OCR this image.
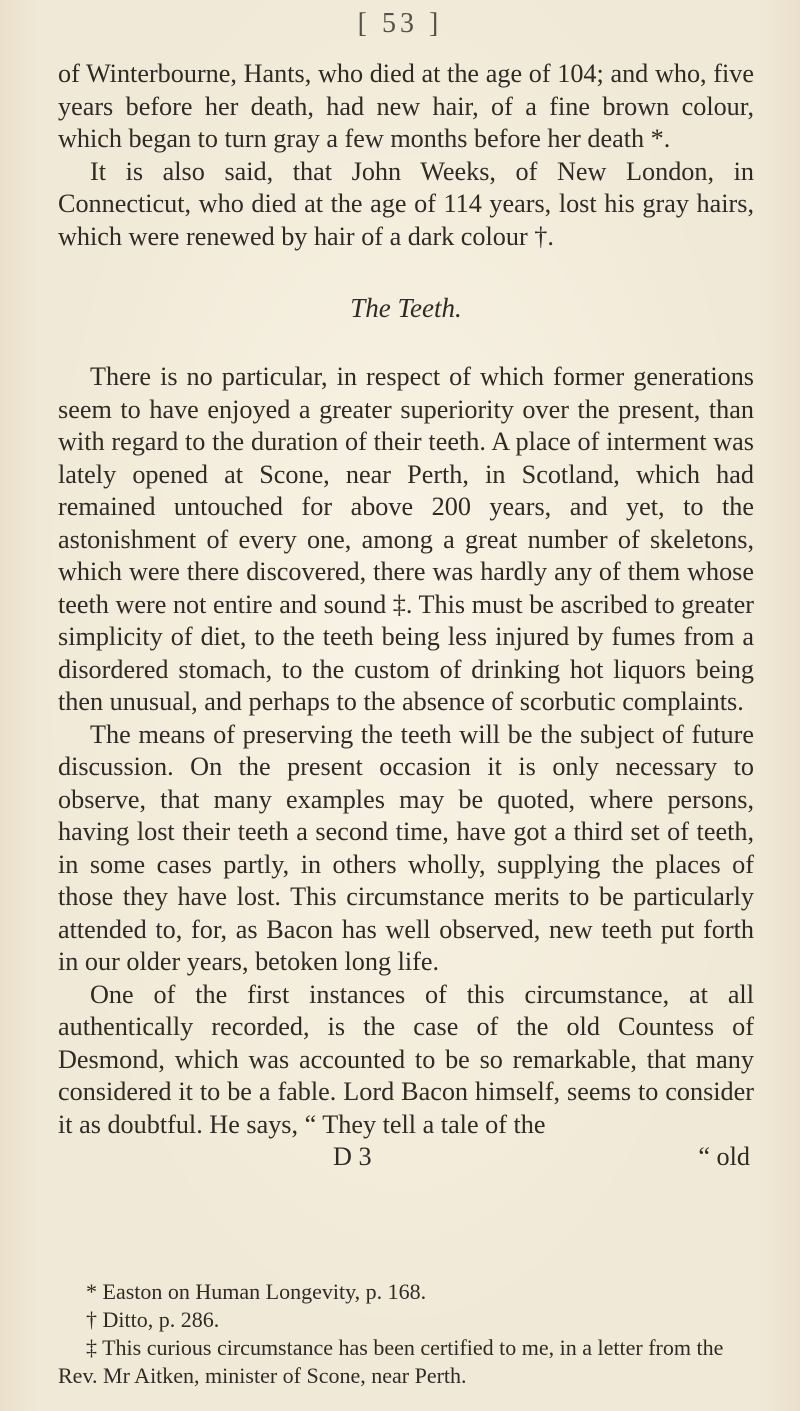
[ 53 ]

of Winterbourne, Hants, who died at the age of 104; and who, five years before her death, had new hair, of a fine brown colour, which began to turn gray a few months before her death *.

It is also said, that John Weeks, of New London, in Connecticut, who died at the age of 114 years, lost his gray hairs, which were renewed by hair of a dark colour †.

The Teeth.

There is no particular, in respect of which former generations seem to have enjoyed a greater superiority over the present, than with regard to the duration of their teeth. A place of interment was lately opened at Scone, near Perth, in Scotland, which had remained untouched for above 200 years, and yet, to the astonishment of every one, among a great number of skeletons, which were there discovered, there was hardly any of them whose teeth were not entire and sound ‡. This must be ascribed to greater simplicity of diet, to the teeth being less injured by fumes from a disordered stomach, to the custom of drinking hot liquors being then unusual, and perhaps to the absence of scorbutic complaints.

The means of preserving the teeth will be the subject of future discussion. On the present occasion it is only necessary to observe, that many examples may be quoted, where persons, having lost their teeth a second time, have got a third set of teeth, in some cases partly, in others wholly, supplying the places of those they have lost. This circumstance merits to be particularly attended to, for, as Bacon has well observed, new teeth put forth in our older years, betoken long life.

One of the first instances of this circumstance, at all authentically recorded, is the case of the old Countess of Desmond, which was accounted to be so remarkable, that many considered it to be a fable. Lord Bacon himself, seems to consider it as doubtful. He says, “ They tell a tale of the

D 3	“ old

* Easton on Human Longevity, p. 168.

† Ditto, p. 286.

‡ This curious circumstance has been certified to me, in a letter from the Rev. Mr Aitken, minister of Scone, near Perth.
